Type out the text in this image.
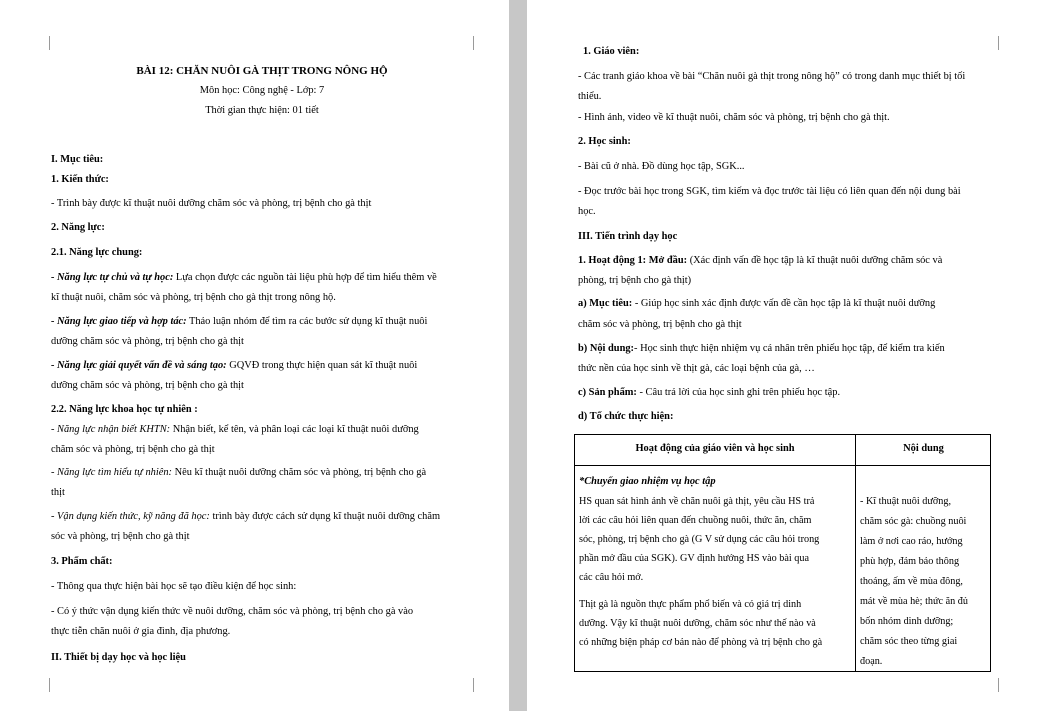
BÀI 12: CHĂN NUÔI GÀ THỊT TRONG NÔNG HỘ
Môn học: Công nghệ - Lớp: 7
Thời gian thực hiện: 01 tiết
I. Mục tiêu:
1. Kiến thức:
- Trình bày được kĩ thuật nuôi dưỡng chăm sóc và phòng, trị bệnh cho gà thịt
2. Năng lực:
2.1. Năng lực chung:
- Năng lực tự chủ và tự học: Lựa chọn được các nguồn tài liệu phù hợp để tìm hiểu thêm về
kĩ thuật nuôi, chăm sóc và phòng, trị bệnh cho gà thịt trong nông hộ.
- Năng lực giao tiếp và hợp tác: Thảo luận nhóm để tìm ra các bước sử dụng kĩ thuật nuôi
dưỡng chăm sóc và phòng, trị bệnh cho gà thịt
- Năng lực giải quyết vấn đề và sáng tạo: GQVĐ trong thực hiện quan sát kĩ thuật nuôi
dưỡng chăm sóc và phòng, trị bệnh cho gà thịt
2.2. Năng lực khoa học tự nhiên :
- Năng lực nhận biết KHTN: Nhận biết, kể tên, và phân loại các loại kĩ thuật nuôi dưỡng
chăm sóc và phòng, trị bệnh cho gà thịt
- Năng lực tìm hiểu tự nhiên: Nêu kĩ thuật nuôi dưỡng chăm sóc và phòng, trị bệnh cho gà
thịt
- Vận dụng kiến thức, kỹ năng đã học: trình bày được cách sử dụng kĩ thuật nuôi dưỡng chăm
sóc và phòng, trị bệnh cho gà thịt
3. Phẩm chất:
- Thông qua thực hiện bài học sẽ tạo điều kiện để học sinh:
- Có ý thức vận dụng kiến thức về nuôi dưỡng, chăm sóc và phòng, trị bệnh cho gà vào
thực tiễn chăn nuôi ở gia đình, địa phương.
II. Thiết bị dạy học và học liệu
1. Giáo viên:
- Các tranh giáo khoa về bài “Chăn nuôi gà thịt trong nông hộ” có trong danh mục thiết bị tối
thiểu.
- Hình ảnh, video về kĩ thuật nuôi, chăm sóc và phòng, trị bệnh cho gà thịt.
2. Học sinh:
- Bài cũ ở nhà. Đồ dùng học tập, SGK...
- Đọc trước bài học trong SGK, tìm kiếm và đọc trước tài liệu có liên quan đến nội dung bài
học.
III. Tiến trình dạy học
1. Hoạt động 1: Mở đầu: (Xác định vấn đề học tập là kĩ thuật nuôi dưỡng chăm sóc và
phòng, trị bệnh cho gà thịt)
a) Mục tiêu: - Giúp học sinh xác định được vấn đề cần học tập là kĩ thuật nuôi dưỡng
chăm sóc và phòng, trị bệnh cho gà thịt
b) Nội dung:- Học sinh thực hiện nhiệm vụ cá nhân trên phiếu học tập, để kiểm tra kiến
thức nền của học sinh về thịt gà, các loại bệnh của gà, …
c) Sản phẩm: - Câu trả lời của học sinh ghi trên phiếu học tập.
d) Tổ chức thực hiện:
Hoạt động của giáo viên và học sinh	Nội dung
*Chuyển giao nhiệm vụ học tập
HS quan sát hình ảnh về chăn nuôi gà thịt, yêu cầu HS trả
lời các câu hỏi liên quan đến chuồng nuôi, thức ăn, chăm
sóc, phòng, trị bệnh cho gà (G V sử dụng các câu hỏi trong
phần mở đầu của SGK). GV định hướng HS vào bài qua
các câu hỏi mở.
Thịt gà là nguồn thực phẩm phổ biến và có giá trị dinh
dưỡng. Vậy kĩ thuật nuôi dưỡng, chăm sóc như thế nào và
có những biện pháp cơ bản nào để phòng và trị bệnh cho gà
- Kĩ thuật nuôi dưỡng,
chăm sóc gà: chuồng nuôi
làm ở nơi cao ráo, hướng
phù hợp, đảm bảo thông
thoáng, ấm về mùa đông,
mát về mùa hè; thức ăn đủ
bốn nhóm dinh dưỡng;
chăm sóc theo từng giai
đoạn.
